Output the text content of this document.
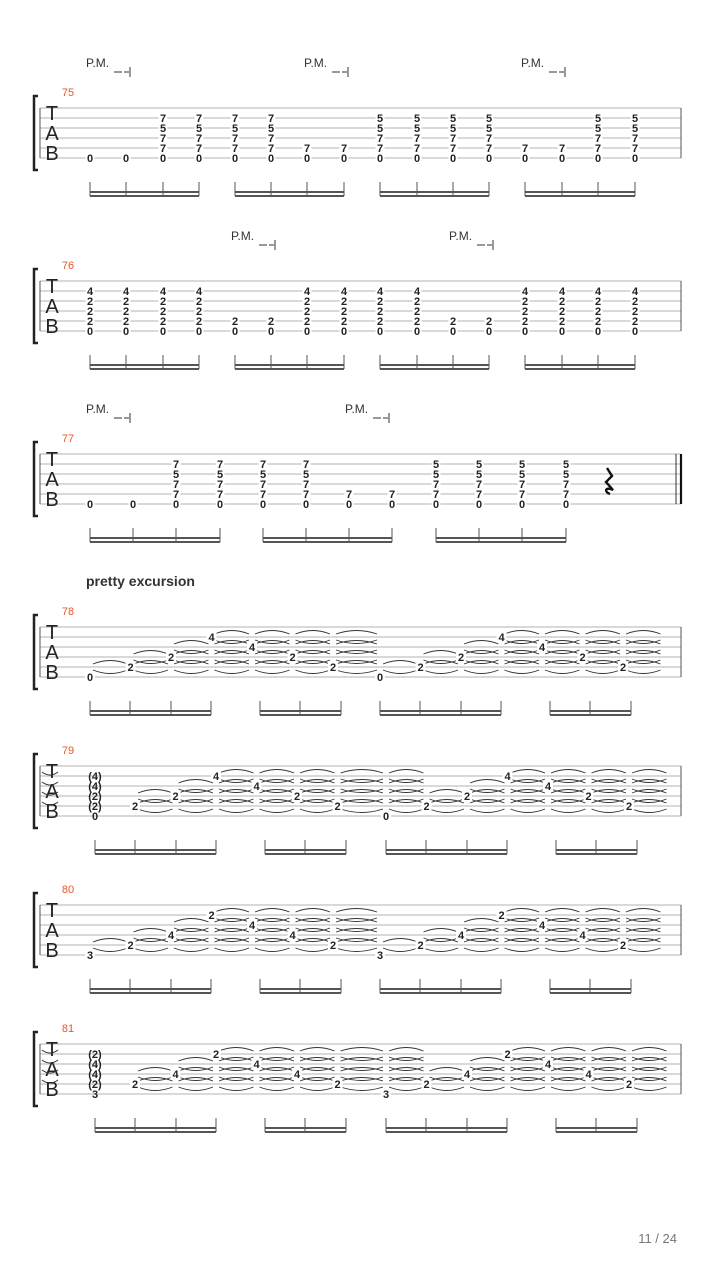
T
A
B
75
P.M.	P.M.	P.M.
0	0	0
7
7
5
7
0
7
7
5
7
0
7
7
5
7
0
7
7
5
7
0
7
0
7
0
7
7
5
5
0
7
7
5
5
0
7
7
5
5
0
7
7
5
5
0
7
0
7
0
7
7
5
5
0
7
7
5
5
T
A
B
76
P.M.	P.M.
0
2
2
2
4
0
2
2
2
4
0
2
2
2
4
0
2
2
2
4
0
2
0
2
0
2
2
2
4
0
2
2
2
4
0
2
2
2
4
0
2
2
2
4
0
2
0
2
0
2
2
2
4
0
2
2
2
4
0
2
2
2
4
0
2
2
2
4
T
A
B
77
P.M.	P.M.
0	0	0
7
7
5
7
0
7
7
5
7
0
7
7
5
7
0
7
7
5
7
0
7
0
7
0
7
7
5
5
0
7
7
5
5
0
7
7
5
5
0
7
7
5
5
T
A
B
78
0
2
2
4
4
2
2
0
2
2
4
4
2
2
T
A
B
79
(4)
(4)
(2)
(2)
0
2
2
4
4
2
2
0
2
2
4
4
2
2
T
A
B
80
3
2
4
2
4
4
2
3
2
4
2
4
4
2
T
A
B
81
(2)
(4)
(4)
(2)
3
2
4
2
4
4
2
3
2
4
2
4
4
2
pretty excursion
11 / 24
